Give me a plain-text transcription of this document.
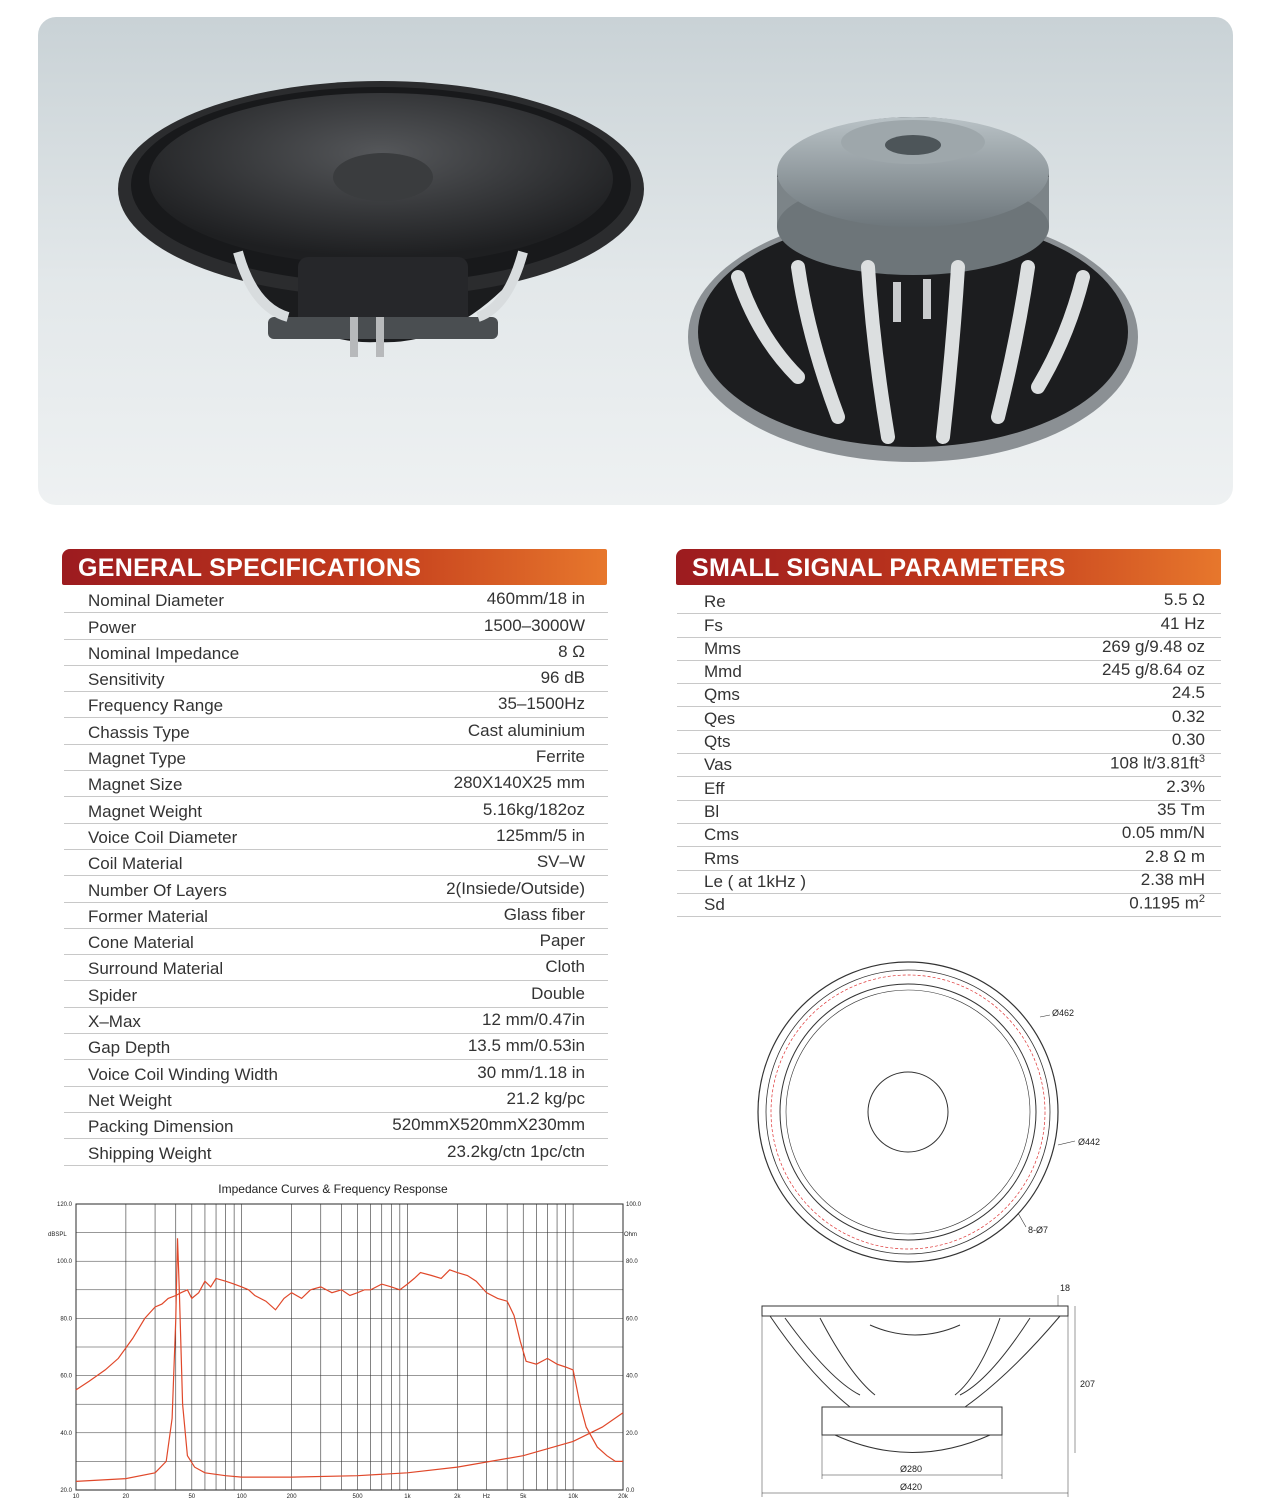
GENERAL SPECIFICATIONS
Nominal Diameter	460mm/18 in
Power	1500–3000W
Nominal Impedance	8 Ω
Sensitivity	96 dB
Frequency Range	35–1500Hz
Chassis Type	Cast aluminium
Magnet Type	Ferrite
Magnet Size	280X140X25 mm
Magnet Weight	5.16kg/182oz
Voice Coil Diameter	125mm/5 in
Coil Material	SV–W
Number Of Layers	2(Insiede/Outside)
Former Material	Glass fiber
Cone Material	Paper
Surround Material	Cloth
Spider	Double
X–Max	12 mm/0.47in
Gap Depth	13.5 mm/0.53in
Voice Coil Winding Width	30 mm/1.18 in
Net Weight	21.2 kg/pc
Packing Dimension	520mmX520mmX230mm
Shipping Weight	23.2kg/ctn 1pc/ctn
SMALL SIGNAL PARAMETERS
Re	5.5 Ω
Fs	41 Hz
Mms	269 g/9.48 oz
Mmd	245 g/8.64 oz
Qms	24.5
Qes	0.32
Qts	0.30
Vas	108 $lt/3.81ft^3$
Eff	2.3%
Bl	35 Tm
Cms	0.05 mm/N
Rms	2.8 Ω m
Le ( at 1kHz )	2.38 mH
Sd	0.1195 $m^2$
Impedance Curves & Frequency Response
dBSPL	Ohm
20.0
40.0
60.0
80.0
100.0
120.0
0.0
20.0
40.0
60.0
80.0
100.0
10	20	50	100	200	500	1k	2k	5k	10k	20k
Hz
Ø462
Ø442
8-Ø7
18
207
Ø280
Ø420
